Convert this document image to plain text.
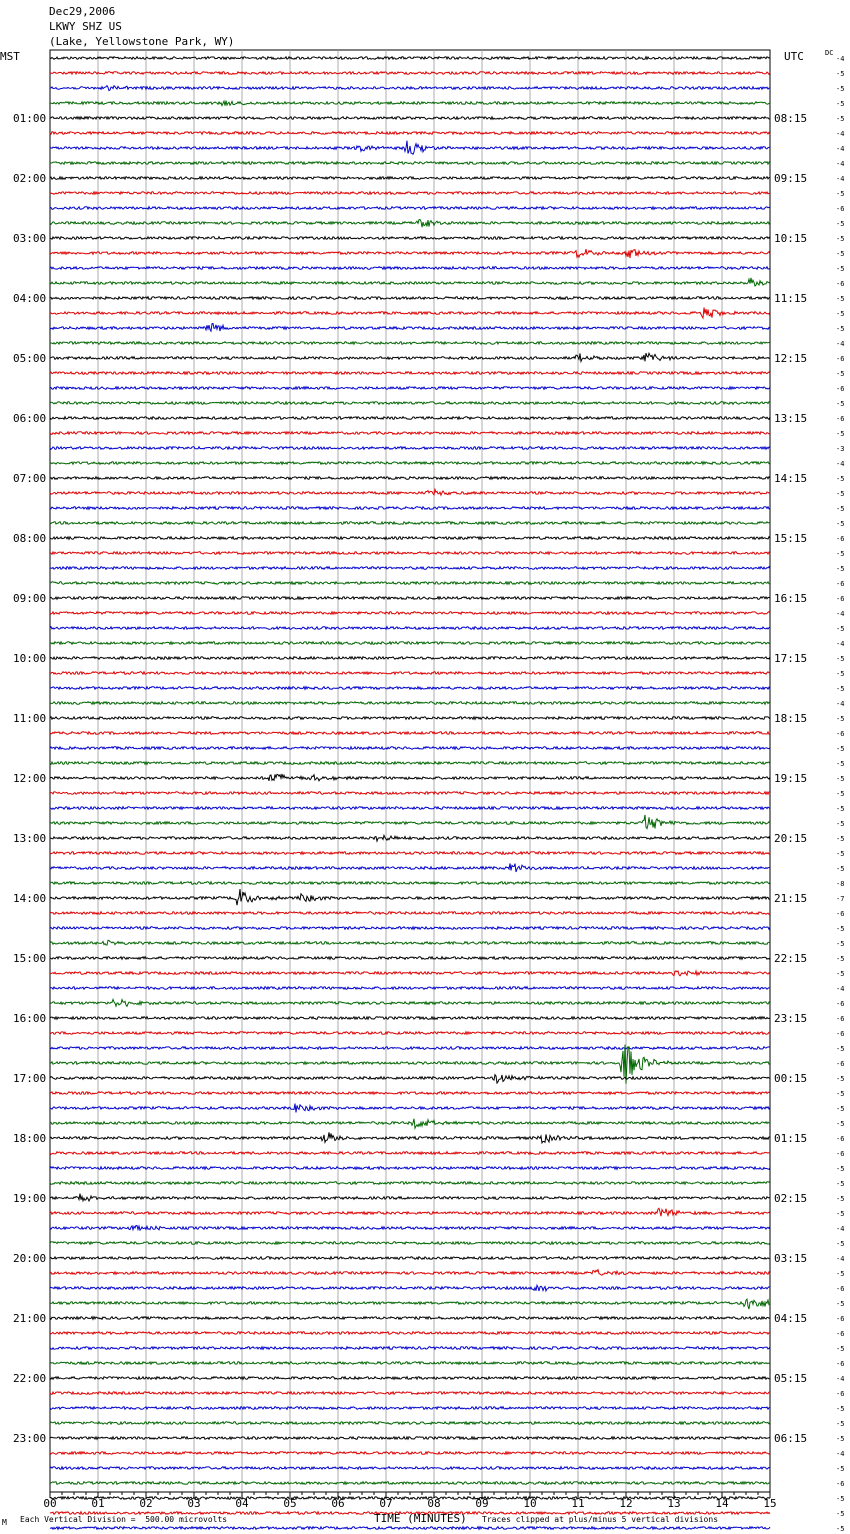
Dec29,2006
LKWY SHZ US
(Lake, Yellowstone Park, WY)
MST	UTC	DC
00	01	02	03	04	05	06	07	08	09	10	11	12	13	14	15
-4
-5
-5
-5
-5
-4
-4
-4
-4
-5
-6
-5
-5
-5
-5
-6
-5
-5
-5
-4
-6
-5
-6
-5
-6
-5
-3
-4
-5
-5
-5
-5
-6
-5
-5
-6
-6
-4
-5
-4
-5
-5
-5
-4
-5
-6
-5
-5
-5
-5
-5
-5
-5
-5
-5
-8
-7
-6
-5
-5
-5
-5
-4
-6
-6
-6
-5
-6
-5
-5
-5
-5
-6
-6
-5
-5
-5
-5
-4
-5
-4
-5
-6
-5
-6
-6
-5
-6
-4
-6
-5
-5
-5
-4
-5
-6
-5
-5
-5
01:00
02:00
03:00
04:00
05:00
06:00
07:00
08:00
09:00
10:00
11:00
12:00
13:00
14:00
15:00
16:00
17:00
18:00
19:00
20:00
21:00
22:00
23:00
08:15
09:15
10:15
11:15
12:15
13:15
14:15
15:15
16:15
17:15
18:15
19:15
20:15
21:15
22:15
23:15
00:15
01:15
02:15
03:15
04:15
05:15
06:15
M Each Vertical Division =  500.00 microvolts	TIME (MINUTES) Traces clipped at plus/minus 5 vertical divisions
